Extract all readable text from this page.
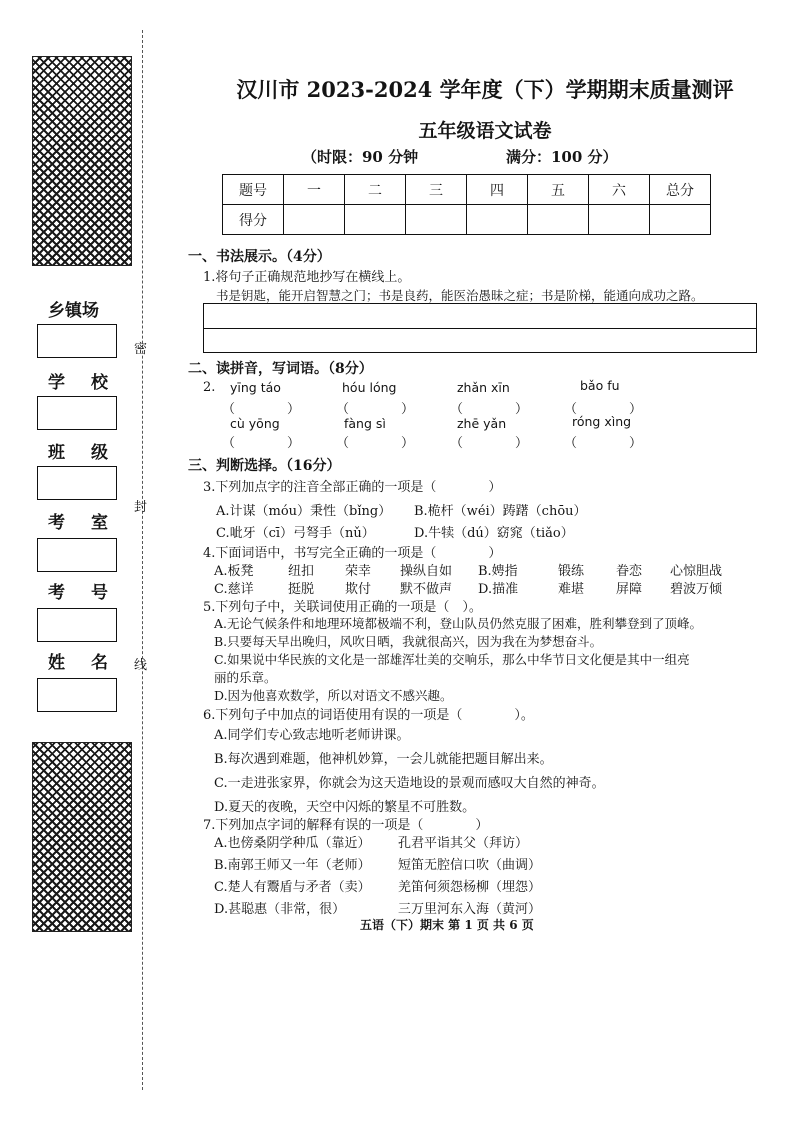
乡镇场
学 校
班 级
考 室
考 号
姓 名
密
封
线
汉川市 2023-2024 学年度（下）学期期末质量测评
五年级语文试卷
（时限：90 分钟	满分：100 分）
题号	一	二	三	四	五	六	总分
得分							
一、书法展示。（4分）
1.将句子正确规范地抄写在横线上。
书是钥匙，能开启智慧之门；书是良药，能医治愚昧之症；书是阶梯，能通向成功之路。
二、读拼音，写词语。（8分）
2. yīng táo	hóu lóng	zhǎn xīn	bǎo fu
（　　　　）	（　　　　）	（　　　　）	（　　　　）
cù yōng	fàng sì	zhē yǎn	róng xìng
（　　　　）	（　　　　）	（　　　　）	（　　　　）
三、判断选择。（16分）
3.下列加点字的注音全部正确的一项是（　　　　）
A.计谋（móu）秉性（bǐng） B.桅杆（wéi）踌躇（chōu）
C.呲牙（cī）弓弩手（nǔ）	D.牛犊（dú）窈窕（tiǎo）
4.下面词语中，书写完全正确的一项是（　　　　）
A.板凳	纽扣 荣幸 操纵自如 B.娉指	锻练 眷恋 心惊胆战
C.慈详	挺脱 欺付 默不做声 D.描准	难堪 屏障 碧波万倾
5.下列句子中，关联词使用正确的一项是（　）。
A.无论气候条件和地理环境都极端不利，登山队员仍然克服了困难，胜利攀登到了顶峰。
B.只要每天早出晚归，风吹日晒，我就很高兴，因为我在为梦想奋斗。
C.如果说中华民族的文化是一部雄浑壮美的交响乐，那么中华节日文化便是其中一组亮
丽的乐章。
D.因为他喜欢数学，所以对语文不感兴趣。
6.下列句子中加点的词语使用有误的一项是（　　　　）。
A.同学们专心致志地听老师讲课。
B.每次遇到难题，他神机妙算，一会儿就能把题目解出来。
C.一走进张家界，你就会为这天造地设的景观而感叹大自然的神奇。
D.夏天的夜晚，天空中闪烁的繁星不可胜数。
7.下列加点字词的解释有误的一项是（　　　　）
A.也傍桑阴学种瓜（靠近） 孔君平诣其父（拜访）
B.南郭王师又一年（老师） 短笛无腔信口吹（曲调）
C.楚人有鬻盾与矛者（卖） 羌笛何须怨杨柳（埋怨）
D.甚聪惠（非常，很）	三万里河东入海（黄河）
五语（下）期末 第 1 页 共 6 页
